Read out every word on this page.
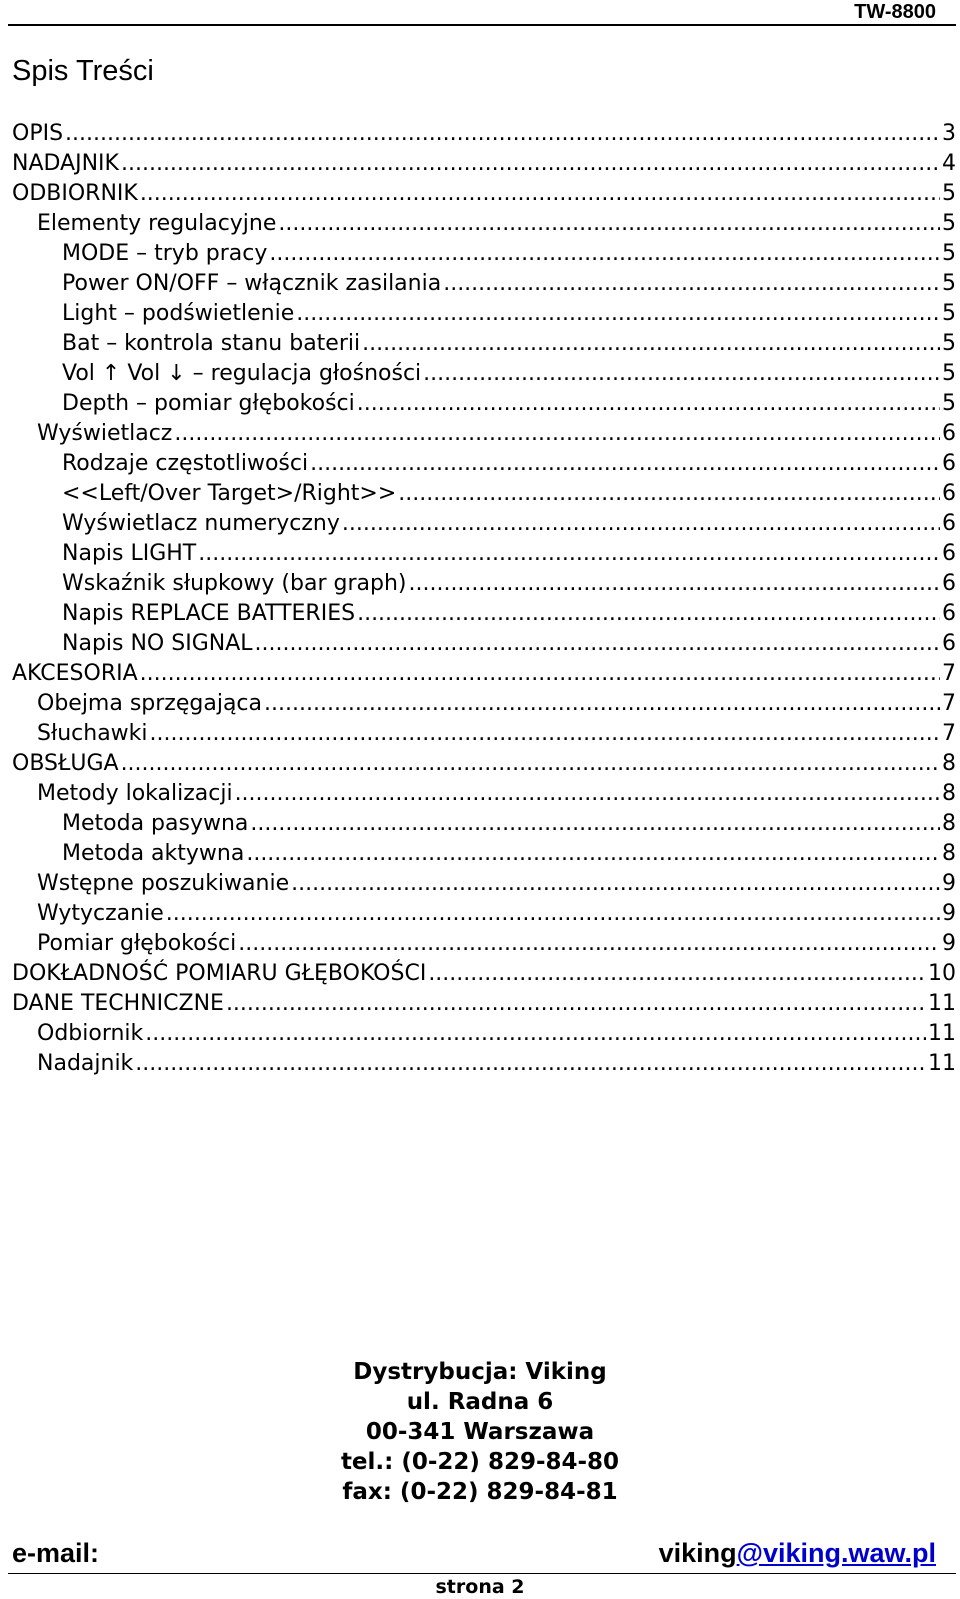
TW-8800
Spis Treści
OPIS .....	3
NADAJNIK .....	4
ODBIORNIK .....	5
Elementy regulacyjne .....	5
MODE – tryb pracy .....	5
Power ON/OFF – włącznik zasilania .....	5
Light – podświetlenie .....	5
Bat – kontrola stanu baterii .....	5
Vol ↑ Vol ↓ – regulacja głośności .....	5
Depth – pomiar głębokości .....	5
Wyświetlacz .....	6
Rodzaje częstotliwości .....	6
<<Left/Over Target>/Right>> .....	6
Wyświetlacz numeryczny .....	6
Napis LIGHT .....	6
Wskaźnik słupkowy (bar graph) .....	6
Napis REPLACE BATTERIES .....	6
Napis NO SIGNAL .....	6
AKCESORIA .....	7
Obejma sprzęgająca .....	7
Słuchawki .....	7
OBSŁUGA .....	8
Metody lokalizacji .....	8
Metoda pasywna .....	8
Metoda aktywna .....	8
Wstępne poszukiwanie .....	9
Wytyczanie .....	9
Pomiar głębokości .....	9
DOKŁADNOŚĆ POMIARU GŁĘBOKOŚCI .....	10
DANE TECHNICZNE .....	11
Odbiornik .....	11
Nadajnik .....	11
Dystrybucja: Viking
ul. Radna 6
00-341 Warszawa
tel.: (0-22) 829-84-80
fax: (0-22) 829-84-81
e-mail:	viking@viking.waw.pl
strona 2
